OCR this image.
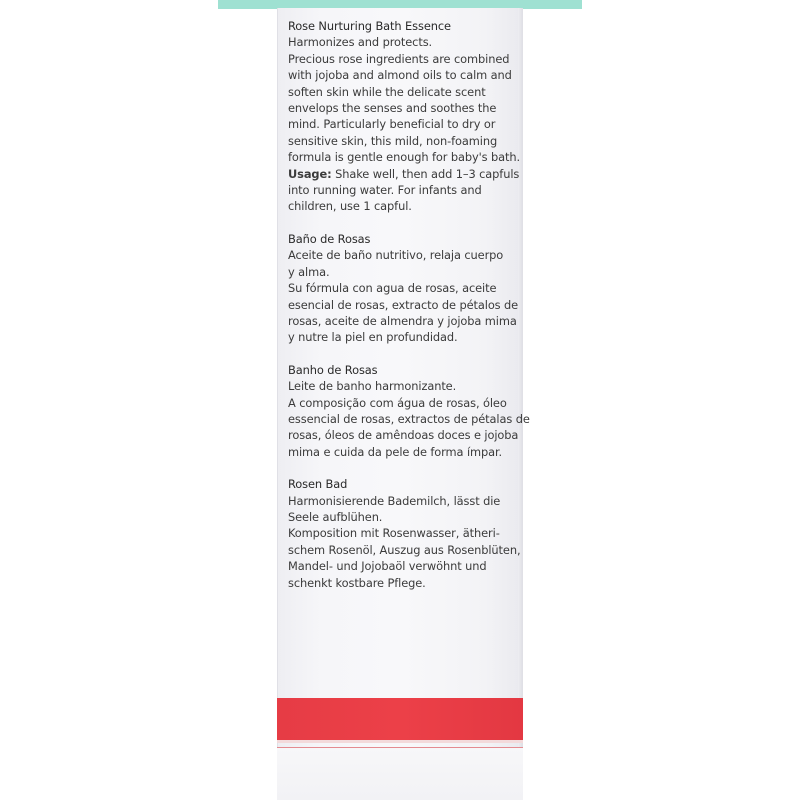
Rose Nurturing Bath Essence
Harmonizes and protects.
Precious rose ingredients are combined
with jojoba and almond oils to calm and
soften skin while the delicate scent
envelops the senses and soothes the
mind. Particularly beneficial to dry or
sensitive skin, this mild, non-foaming
formula is gentle enough for baby's bath.
Usage: Shake well, then add 1–3 capfuls
into running water. For infants and
children, use 1 capful.
Baño de Rosas
Aceite de baño nutritivo, relaja cuerpo
y alma.
Su fórmula con agua de rosas, aceite
esencial de rosas, extracto de pétalos de
rosas, aceite de almendra y jojoba mima
y nutre la piel en profundidad.
Banho de Rosas
Leite de banho harmonizante.
A composição com água de rosas, óleo
essencial de rosas, extractos de pétalas de
rosas, óleos de amêndoas doces e jojoba
mima e cuida da pele de forma ímpar.
Rosen Bad
Harmonisierende Bademilch, lässt die
Seele aufblühen.
Komposition mit Rosenwasser, ätheri-
schem Rosenöl, Auszug aus Rosenblüten,
Mandel- und Jojobaöl verwöhnt und
schenkt kostbare Pflege.
